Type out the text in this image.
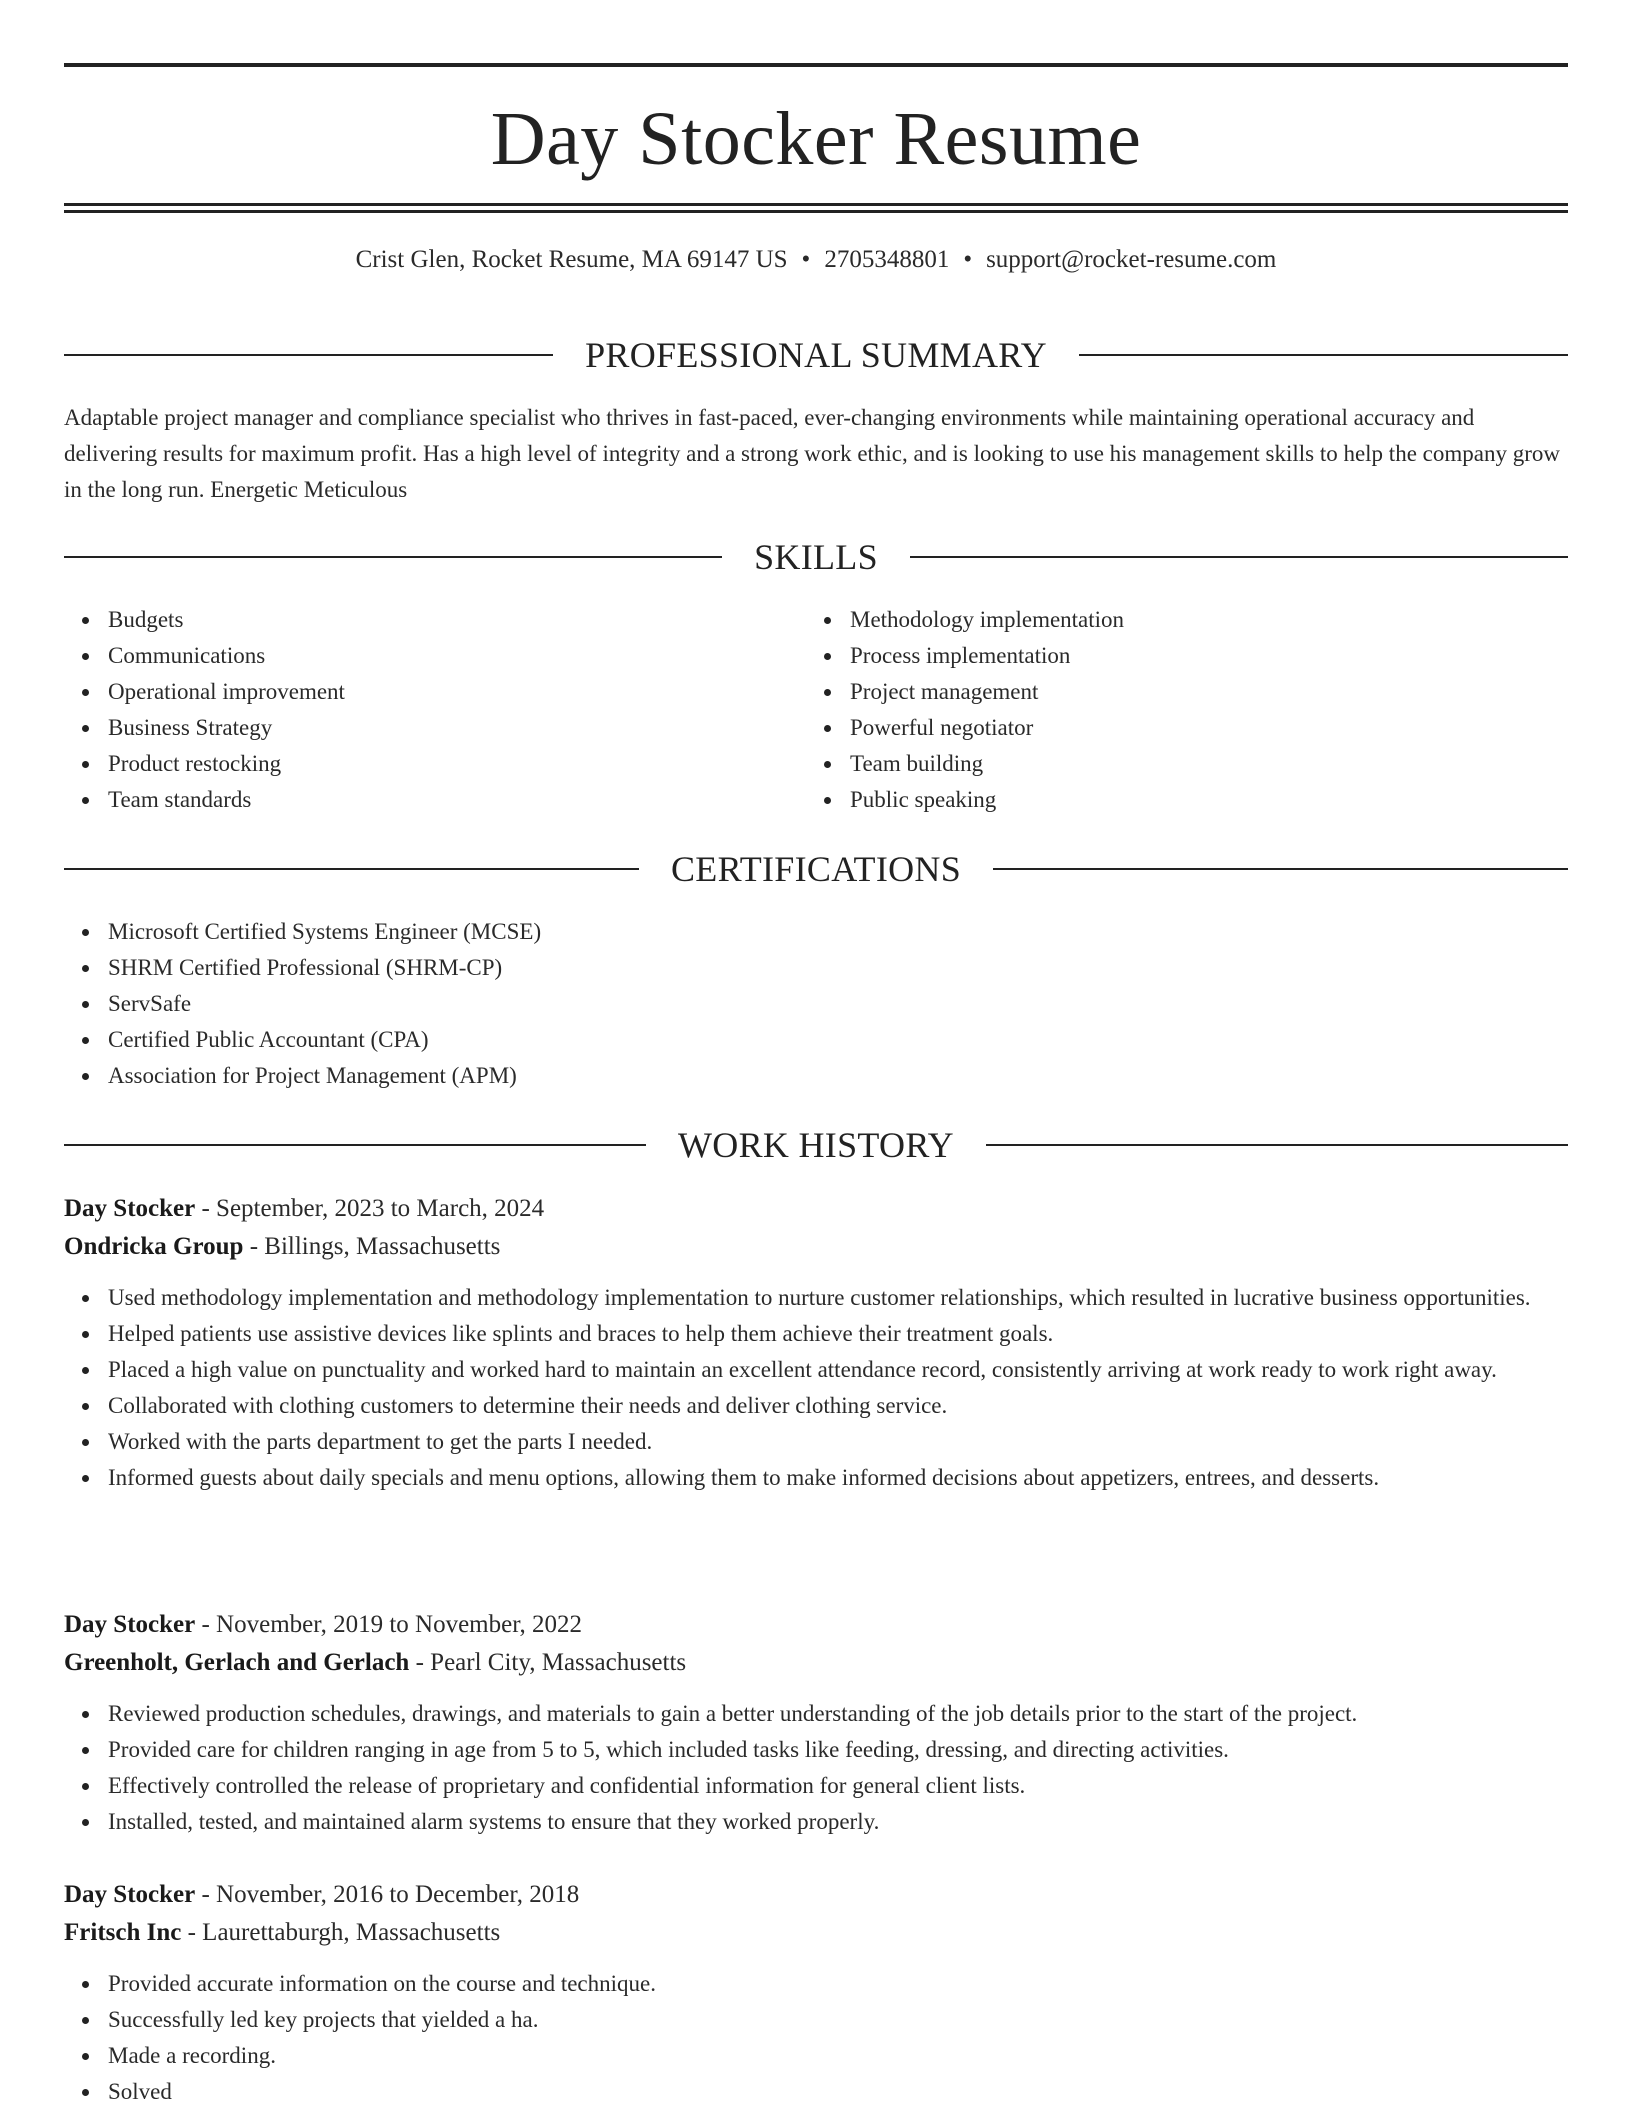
Day Stocker Resume
Crist Glen, Rocket Resume, MA 69147 US • 2705348801 • support@rocket-resume.com
PROFESSIONAL SUMMARY

Adaptable project manager and compliance specialist who thrives in fast-paced, ever-changing environments while maintaining operational accuracy and delivering results for maximum profit. Has a high level of integrity and a strong work ethic, and is looking to use his management skills to help the company grow in the long run. Energetic Meticulous

SKILLS
Budgets
Communications
Operational improvement
Business Strategy
Product restocking
Team standards
Methodology implementation
Process implementation
Project management
Powerful negotiator
Team building
Public speaking
CERTIFICATIONS
Microsoft Certified Systems Engineer (MCSE)
SHRM Certified Professional (SHRM-CP)
ServSafe
Certified Public Accountant (CPA)
Association for Project Management (APM)
WORK HISTORY
Day Stocker - September, 2023 to March, 2024
Ondricka Group - Billings, Massachusetts
Used methodology implementation and methodology implementation to nurture customer relationships, which resulted in lucrative business opportunities.
Helped patients use assistive devices like splints and braces to help them achieve their treatment goals.
Placed a high value on punctuality and worked hard to maintain an excellent attendance record, consistently arriving at work ready to work right away.
Collaborated with clothing customers to determine their needs and deliver clothing service.
Worked with the parts department to get the parts I needed.
Informed guests about daily specials and menu options, allowing them to make informed decisions about appetizers, entrees, and desserts.
Day Stocker - November, 2019 to November, 2022
Greenholt, Gerlach and Gerlach - Pearl City, Massachusetts
Reviewed production schedules, drawings, and materials to gain a better understanding of the job details prior to the start of the project.
Provided care for children ranging in age from 5 to 5, which included tasks like feeding, dressing, and directing activities.
Effectively controlled the release of proprietary and confidential information for general client lists.
Installed, tested, and maintained alarm systems to ensure that they worked properly.
Day Stocker - November, 2016 to December, 2018
Fritsch Inc - Laurettaburgh, Massachusetts
Provided accurate information on the course and technique.
Successfully led key projects that yielded a ha.
Made a recording.
Solved
